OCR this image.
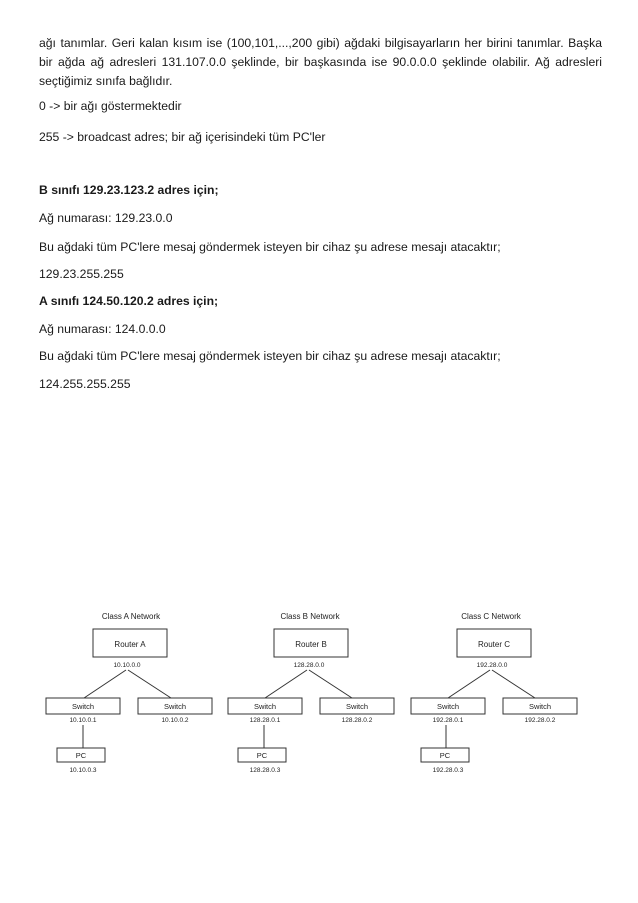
ağı tanımlar. Geri kalan kısım ise (100,101,...,200 gibi) ağdaki bilgisayarların her birini tanımlar. Başka bir ağda ağ adresleri 131.107.0.0 şeklinde, bir başkasında ise 90.0.0.0 şeklinde olabilir. Ağ adresleri seçtiğimiz sınıfa bağlıdır.

0 -> bir ağı göstermektedir
255 -> broadcast adres; bir ağ içerisindeki tüm PC'ler
B sınıfı 129.23.123.2 adres için;
Ağ numarası: 129.23.0.0
Bu ağdaki tüm PC'lere mesaj göndermek isteyen bir cihaz şu adrese mesajı atacaktır;
129.23.255.255
A sınıfı 124.50.120.2 adres için;
Ağ numarası: 124.0.0.0
Bu ağdaki tüm PC'lere mesaj göndermek isteyen bir cihaz şu adrese mesajı atacaktır;
124.255.255.255
Class A Network
Router A
10.10.0.0
Switch
10.10.0.1
Switch
10.10.0.2
PC
10.10.0.3
Class B Network
Router B
128.28.0.0
Switch
128.28.0.1
Switch
128.28.0.2
PC
128.28.0.3
Class C Network
Router C
192.28.0.0
Switch
192.28.0.1
Switch
192.28.0.2
PC
192.28.0.3
